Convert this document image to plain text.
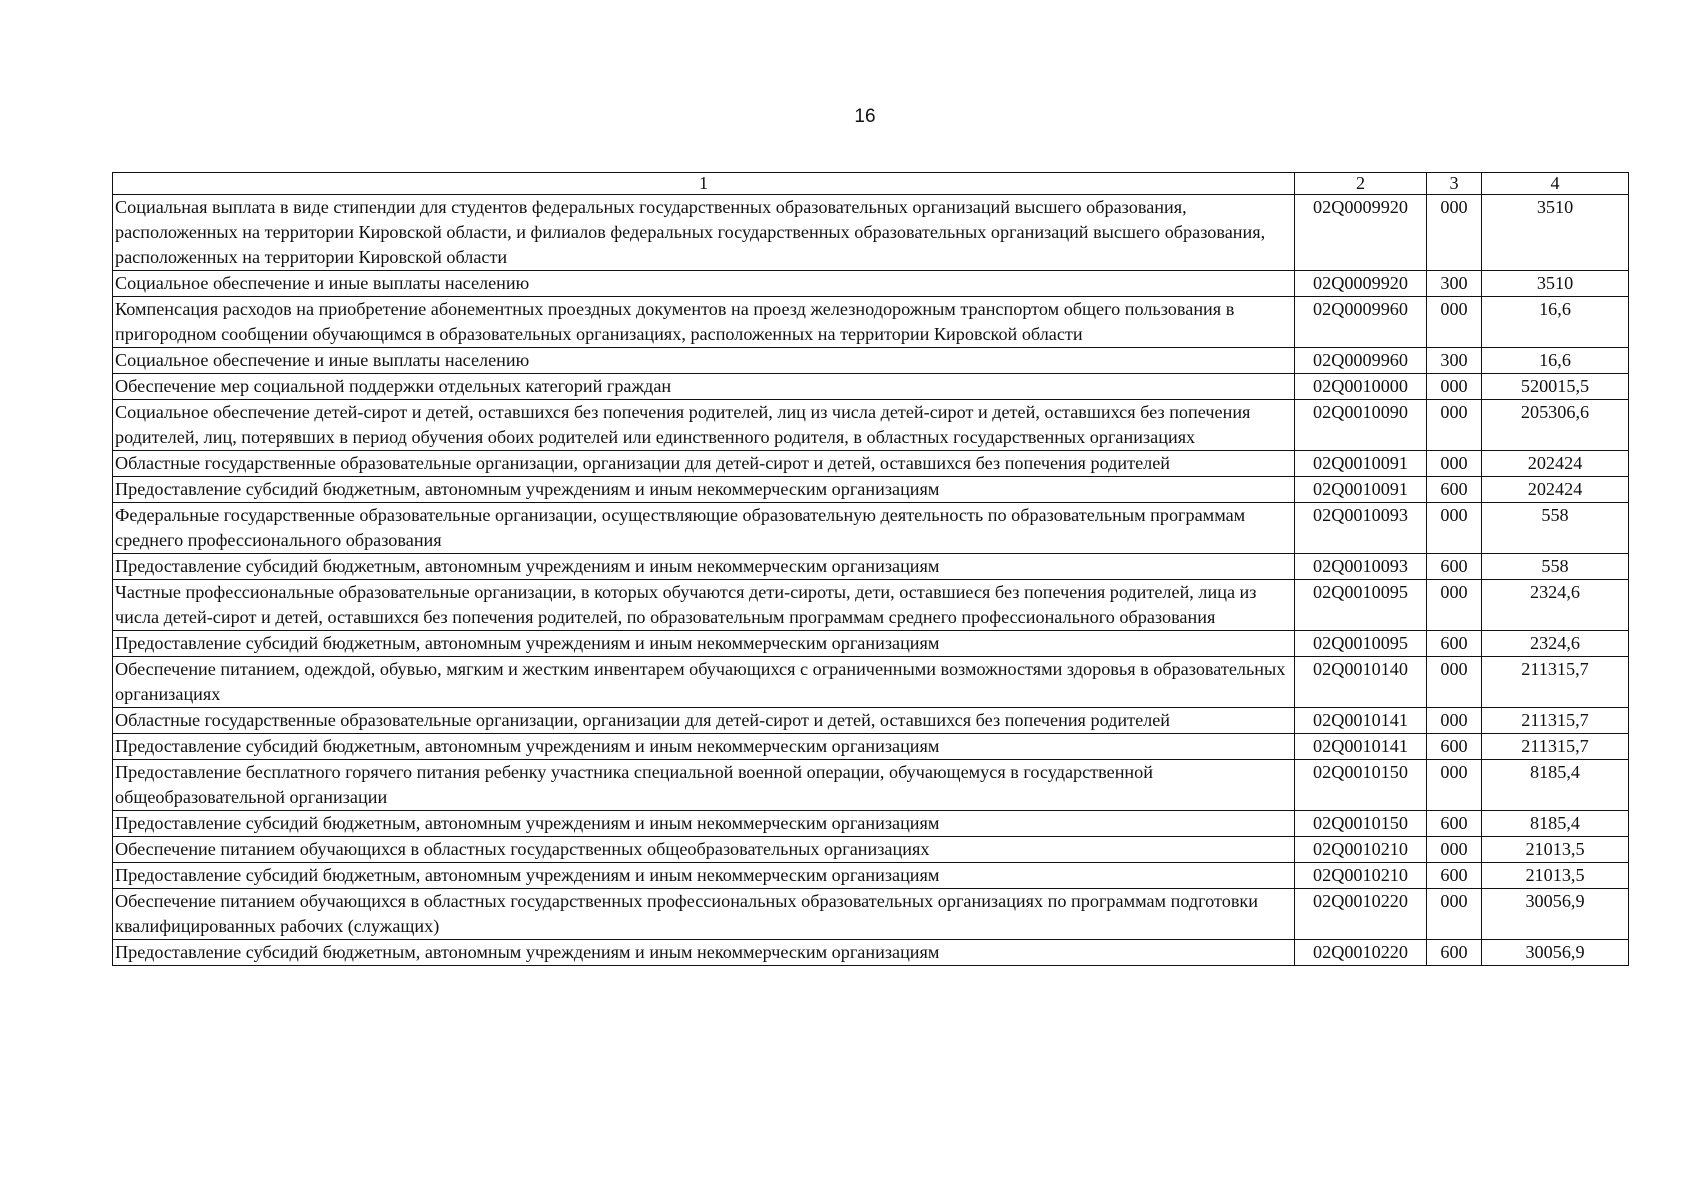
16
1	2	3	4
Социальная выплата в виде стипендии для студентов федеральных государственных образовательных организаций высшего образования, расположенных на территории Кировской области, и филиалов федеральных государственных образовательных организаций высшего образования, расположенных на территории Кировской области	02Q0009920	000	3510
Социальное обеспечение и иные выплаты населению	02Q0009920	300	3510
Компенсация расходов на приобретение абонементных проездных документов на проезд железнодорожным транспортом общего пользования в пригородном сообщении обучающимся в образовательных организациях, расположенных на территории Кировской области	02Q0009960	000	16,6
Социальное обеспечение и иные выплаты населению	02Q0009960	300	16,6
Обеспечение мер социальной поддержки отдельных категорий граждан	02Q0010000	000	520015,5
Социальное обеспечение детей-сирот и детей, оставшихся без попечения родителей, лиц из числа детей-сирот и детей, оставшихся без попечения родителей, лиц, потерявших в период обучения обоих родителей или единственного родителя, в областных государственных организациях	02Q0010090	000	205306,6
Областные государственные образовательные организации, организации для детей-сирот и детей, оставшихся без попечения родителей	02Q0010091	000	202424
Предоставление субсидий бюджетным, автономным учреждениям и иным некоммерческим организациям	02Q0010091	600	202424
Федеральные государственные образовательные организации, осуществляющие образовательную деятельность по образовательным программам среднего профессионального образования	02Q0010093	000	558
Предоставление субсидий бюджетным, автономным учреждениям и иным некоммерческим организациям	02Q0010093	600	558
Частные профессиональные образовательные организации, в которых обучаются дети-сироты, дети, оставшиеся без попечения родителей, лица из числа детей-сирот и детей, оставшихся без попечения родителей, по образовательным программам среднего профессионального образования	02Q0010095	000	2324,6
Предоставление субсидий бюджетным, автономным учреждениям и иным некоммерческим организациям	02Q0010095	600	2324,6
Обеспечение питанием, одеждой, обувью, мягким и жестким инвентарем обучающихся с ограниченными возможностями здоровья в образовательных организациях	02Q0010140	000	211315,7
Областные государственные образовательные организации, организации для детей-сирот и детей, оставшихся без попечения родителей	02Q0010141	000	211315,7
Предоставление субсидий бюджетным, автономным учреждениям и иным некоммерческим организациям	02Q0010141	600	211315,7
Предоставление бесплатного горячего питания ребенку участника специальной военной операции, обучающемуся в государственной общеобразовательной организации	02Q0010150	000	8185,4
Предоставление субсидий бюджетным, автономным учреждениям и иным некоммерческим организациям	02Q0010150	600	8185,4
Обеспечение питанием обучающихся в областных государственных общеобразовательных организациях	02Q0010210	000	21013,5
Предоставление субсидий бюджетным, автономным учреждениям и иным некоммерческим организациям	02Q0010210	600	21013,5
Обеспечение питанием обучающихся в областных государственных профессиональных образовательных организациях по программам подготовки квалифицированных рабочих (служащих)	02Q0010220	000	30056,9
Предоставление субсидий бюджетным, автономным учреждениям и иным некоммерческим организациям	02Q0010220	600	30056,9
